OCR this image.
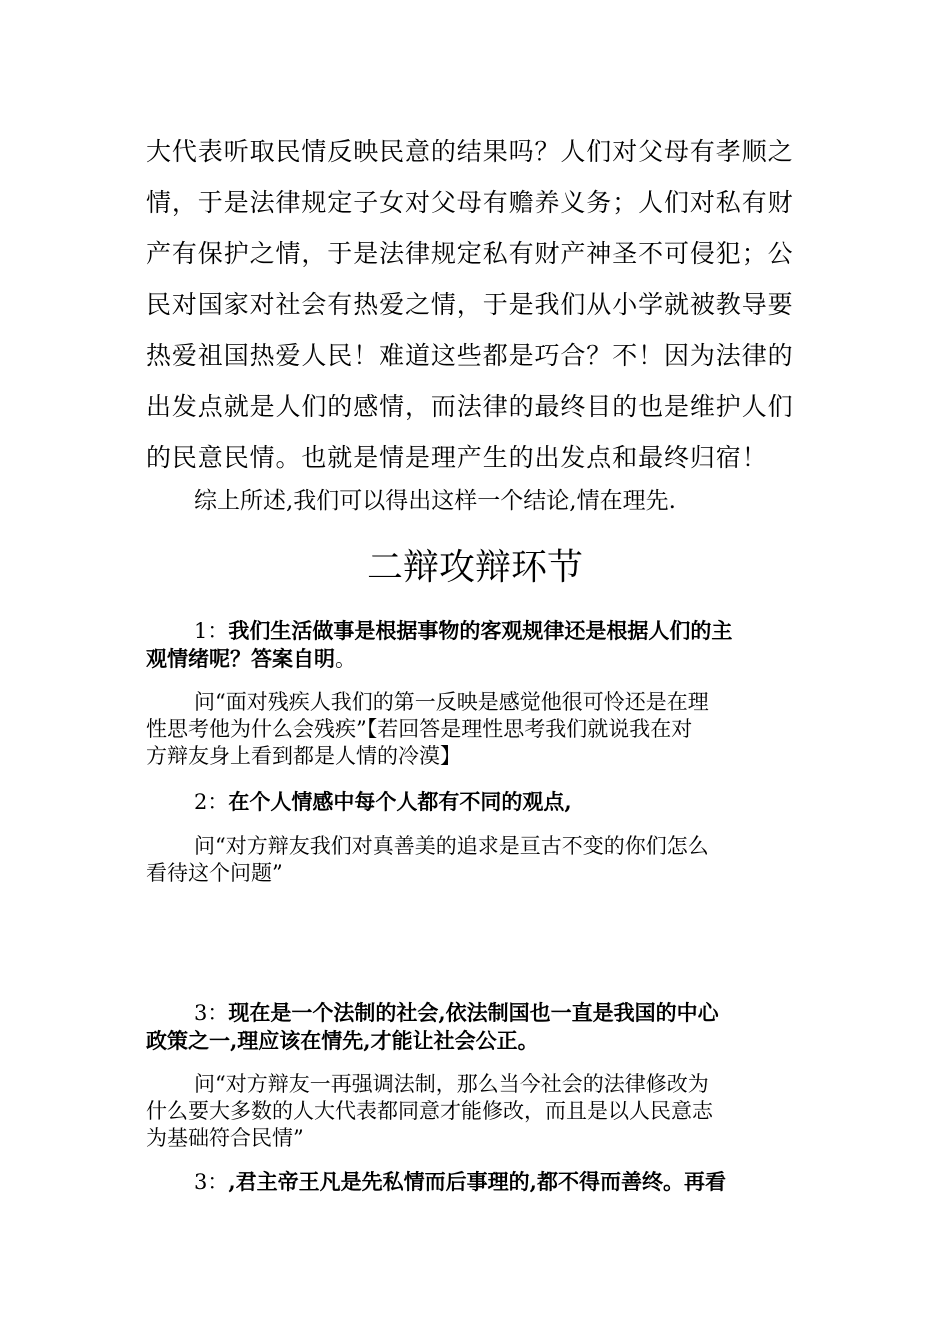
大代表听取民情反映民意的结果吗？人们对父母有孝顺之
情，于是法律规定子女对父母有赡养义务；人们对私有财
产有保护之情，于是法律规定私有财产神圣不可侵犯；公
民对国家对社会有热爱之情，于是我们从小学就被教导要
热爱祖国热爱人民！难道这些都是巧合？不！因为法律的
出发点就是人们的感情，而法律的最终目的也是维护人们
的民意民情。也就是情是理产生的出发点和最终归宿！

综上所述,我们可以得出这样一个结论,情在理先.

二辩攻辩环节
1：我们生活做事是根据事物的客观规律还是根据人们的主
观情绪呢？答案自明。
问“面对残疾人我们的第一反映是感觉他很可怜还是在理
性思考他为什么会残疾”【若回答是理性思考我们就说我在对
方辩友身上看到都是人情的冷漠】
2：在个人情感中每个人都有不同的观点,
问“对方辩友我们对真善美的追求是亘古不变的你们怎么
看待这个问题”
3：现在是一个法制的社会,依法制国也一直是我国的中心
政策之一,理应该在情先,才能让社会公正。
问“对方辩友一再强调法制，那么当今社会的法律修改为
什么要大多数的人大代表都同意才能修改，而且是以人民意志
为基础符合民情”
3：,君主帝王凡是先私情而后事理的,都不得而善终。再看
